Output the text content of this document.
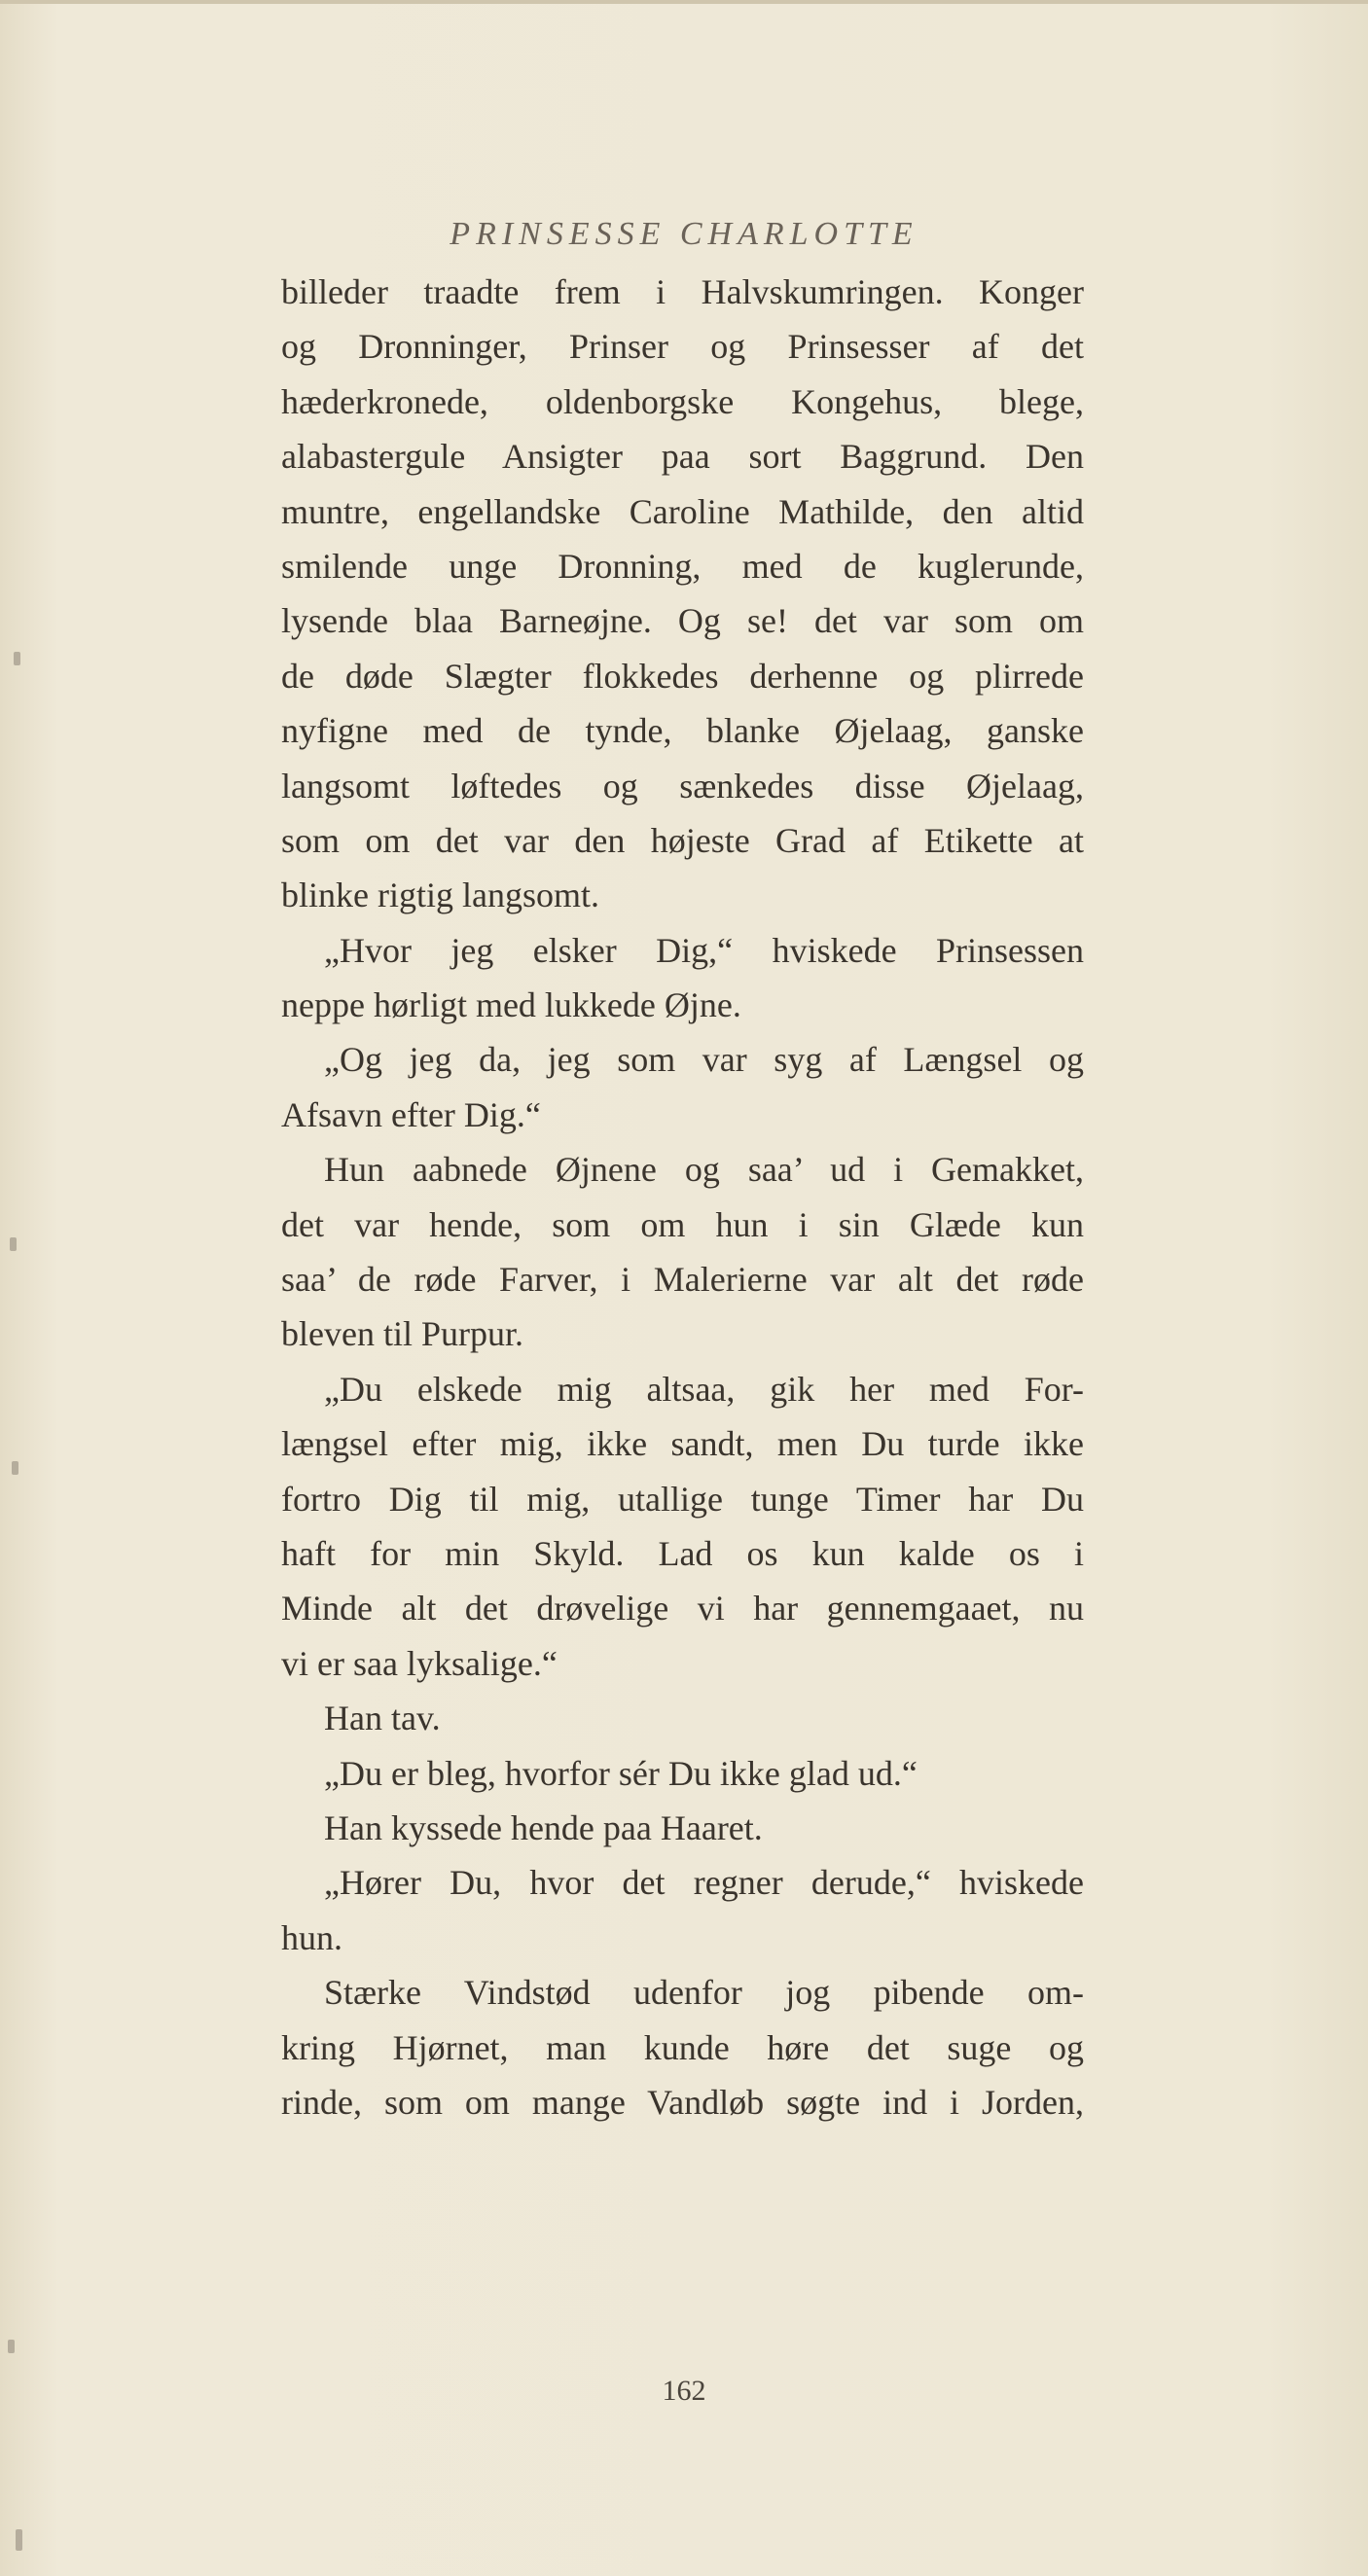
PRINSESSE CHARLOTTE
billeder traadte frem i Halvskumringen. Konger
og Dronninger, Prinser og Prinsesser af det
hæderkronede, oldenborgske Kongehus, blege,
alabastergule Ansigter paa sort Baggrund. Den
muntre, engellandske Caroline Mathilde, den altid
smilende unge Dronning, med de kuglerunde,
lysende blaa Barneøjne. Og se! det var som om
de døde Slægter flokkedes derhenne og plirrede
nyfigne med de tynde, blanke Øjelaag, ganske
langsomt løftedes og sænkedes disse Øjelaag,
som om det var den højeste Grad af Etikette at
blinke rigtig langsomt.
„Hvor jeg elsker Dig,“ hviskede Prinsessen
neppe hørligt med lukkede Øjne.
„Og jeg da, jeg som var syg af Længsel og
Afsavn efter Dig.“
Hun aabnede Øjnene og saa’ ud i Gemakket,
det var hende, som om hun i sin Glæde kun
saa’ de røde Farver, i Malerierne var alt det røde
bleven til Purpur.
„Du elskede mig altsaa, gik her med For-
længsel efter mig, ikke sandt, men Du turde ikke
fortro Dig til mig, utallige tunge Timer har Du
haft for min Skyld. Lad os kun kalde os i
Minde alt det drøvelige vi har gennemgaaet, nu
vi er saa lyksalige.“
Han tav.
„Du er bleg, hvorfor sér Du ikke glad ud.“
Han kyssede hende paa Haaret.
„Hører Du, hvor det regner derude,“ hviskede
hun.
Stærke Vindstød udenfor jog pibende om-
kring Hjørnet, man kunde høre det suge og
rinde, som om mange Vandløb søgte ind i Jorden,
162
